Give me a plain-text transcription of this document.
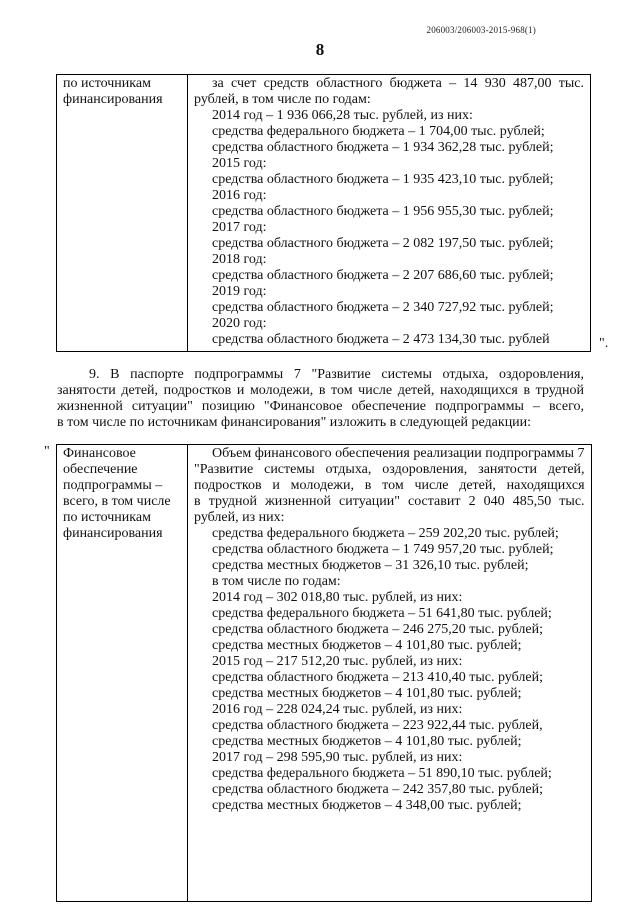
206003/206003-2015-968(1)
8
по источникам
финансирования

за счет средств областного бюджета – 14 930 487,00 тыс.
рублей, в том числе по годам:
2014 год – 1 936 066,28 тыс. рублей, из них:
средства федерального бюджета – 1 704,00 тыс. рублей;
средства областного бюджета – 1 934 362,28 тыс. рублей;
2015 год:
средства областного бюджета – 1 935 423,10 тыс. рублей;
2016 год:
средства областного бюджета – 1 956 955,30 тыс. рублей;
2017 год:
средства областного бюджета – 2 082 197,50 тыс. рублей;
2018 год:
средства областного бюджета – 2 207 686,60 тыс. рублей;
2019 год:
средства областного бюджета – 2 340 727,92 тыс. рублей;
2020 год:
средства областного бюджета – 2 473 134,30 тыс. рублей	".
9. В паспорте подпрограммы 7 "Развитие системы отдыха, оздоровления,
занятости детей, подростков и молодежи, в том числе детей, находящихся в трудной
жизненной ситуации" позицию "Финансовое обеспечение подпрограммы – всего,
в том числе по источникам финансирования" изложить в следующей редакции:
" Финансовое
обеспечение
подпрограммы –
всего, в том числе
по источникам
финансирования

Объем финансового обеспечения реализации подпрограммы 7
"Развитие системы отдыха, оздоровления, занятости детей,
подростков и молодежи, в том числе детей, находящихся
в трудной жизненной ситуации" составит 2 040 485,50 тыс.
рублей, из них:
средства федерального бюджета – 259 202,20 тыс. рублей;
средства областного бюджета – 1 749 957,20 тыс. рублей;
средства местных бюджетов – 31 326,10 тыс. рублей;
в том числе по годам:
2014 год – 302 018,80 тыс. рублей, из них:
средства федерального бюджета – 51 641,80 тыс. рублей;
средства областного бюджета – 246 275,20 тыс. рублей;
средства местных бюджетов – 4 101,80 тыс. рублей;
2015 год – 217 512,20 тыс. рублей, из них:
средства областного бюджета – 213 410,40 тыс. рублей;
средства местных бюджетов – 4 101,80 тыс. рублей;
2016 год – 228 024,24 тыс. рублей, из них:
средства областного бюджета – 223 922,44 тыс. рублей,
средства местных бюджетов – 4 101,80 тыс. рублей;
2017 год – 298 595,90 тыс. рублей, из них:
средства федерального бюджета – 51 890,10 тыс. рублей;
средства областного бюджета – 242 357,80 тыс. рублей;
средства местных бюджетов – 4 348,00 тыс. рублей;
